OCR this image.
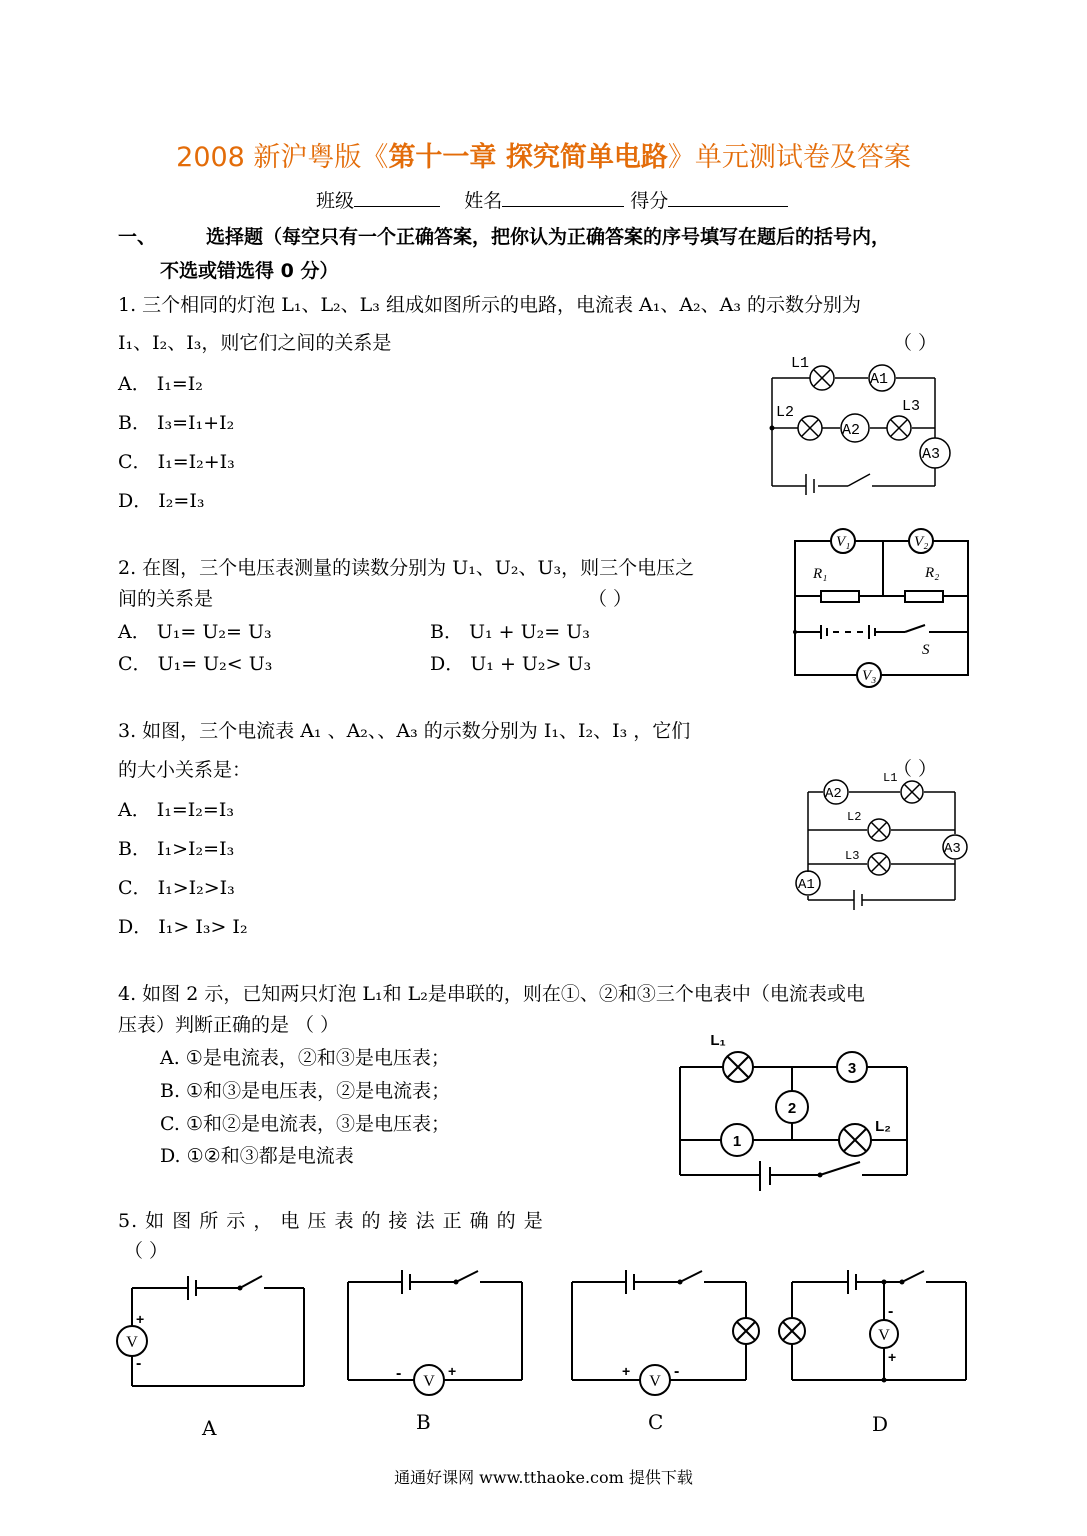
2008 新沪粤版《第十一章 探究简单电路》单元测试卷及答案
班级	姓名	得分
一、	选择题（每空只有一个正确答案，把你认为正确答案的序号填写在题后的括号内，
不选或错选得 0 分）
1. 三个相同的灯泡 L₁、L₂、L₃ 组成如图所示的电路，电流表 A₁、A₂、A₃ 的示数分别为
I₁、I₂、I₃，则它们之间的关系是	（ ）
A． I₁=I₂
B． I₃=I₁+I₂
C． I₁=I₂+I₃
D． I₂=I₃
L1
A1
L2
A2
L3
A3
2. 在图，三个电压表测量的读数分别为 U₁、U₂、U₃，则三个电压之
间的关系是	（ ）
A． U₁= U₂= U₃	B． U₁ + U₂= U₃
C． U₁= U₂< U₃	D． U₁ + U₂> U₃
V₁	V₂
V₃
R₁	R₂
S
3. 如图，三个电流表 A₁ 、A₂、、A₃ 的示数分别为 I₁、I₂、I₃ ，它们
的大小关系是：	（ ）
A． I₁=I₂=I₃
B． I₁>I₂=I₃
C． I₁>I₂>I₃
D． I₁> I₃> I₂
A2
L1
L2
L3	A3
A1
4. 如图 2 示，已知两只灯泡 L₁和 L₂是串联的，则在①、②和③三个电表中（电流表或电
压表）判断正确的是 （ ）
A. ①是电流表，②和③是电压表；
B. ①和③是电压表，②是电流表；
C. ①和②是电流表，③是电压表；
D. ①②和③都是电流表
3
2
1
L₁
L₂
5. 如 图 所 示 ， 电 压 表 的 接 法 正 确 的 是
（ ）
V
+
-
V
-	+
V
+	-
V
-
+
A	B	C	D
通通好课网 www.tthaoke.com 提供下载
